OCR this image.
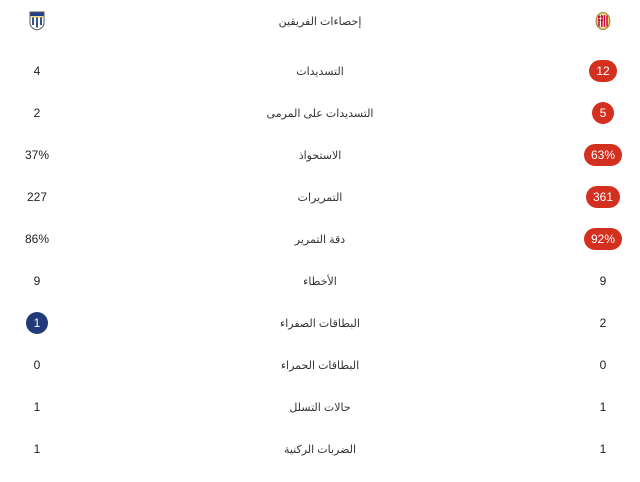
إحصاءات الفريقين
4	التسديدات	12
2	التسديدات على المرمى	5
37%	الاستحواذ	63%
227	التمريرات	361
86%	دقة التمرير	92%
9	الأخطاء	9
1	البطاقات الصفراء	2
0	البطاقات الحمراء	0
1	حالات التسلل	1
1	الضربات الركنية	1
